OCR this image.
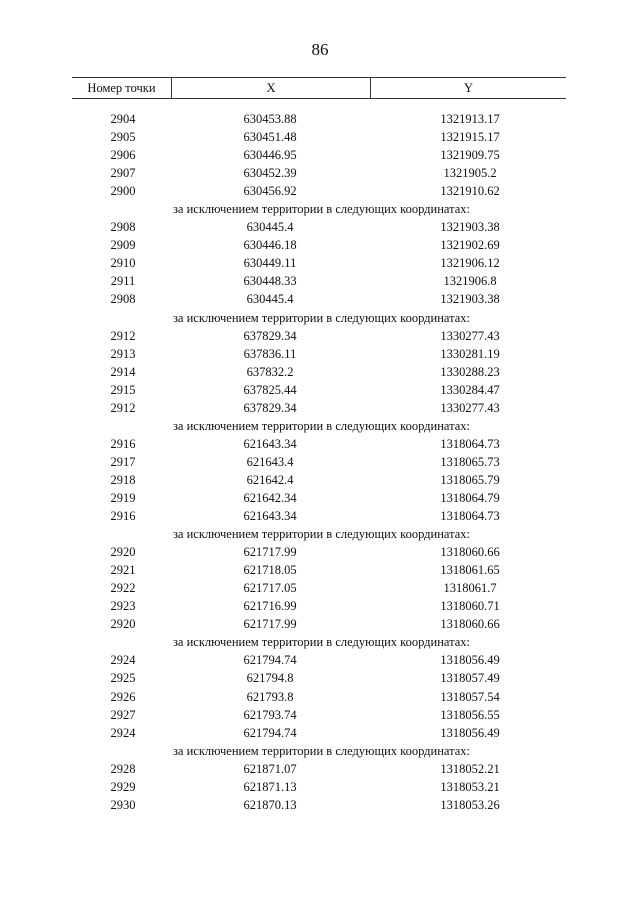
86
Номер точки	X	Y
2904	630453.88	1321913.17
2905	630451.48	1321915.17
2906	630446.95	1321909.75
2907	630452.39	1321905.2
2900	630456.92	1321910.62
за исключением территории в следующих координатах:
2908	630445.4	1321903.38
2909	630446.18	1321902.69
2910	630449.11	1321906.12
2911	630448.33	1321906.8
2908	630445.4	1321903.38
за исключением территории в следующих координатах:
2912	637829.34	1330277.43
2913	637836.11	1330281.19
2914	637832.2	1330288.23
2915	637825.44	1330284.47
2912	637829.34	1330277.43
за исключением территории в следующих координатах:
2916	621643.34	1318064.73
2917	621643.4	1318065.73
2918	621642.4	1318065.79
2919	621642.34	1318064.79
2916	621643.34	1318064.73
за исключением территории в следующих координатах:
2920	621717.99	1318060.66
2921	621718.05	1318061.65
2922	621717.05	1318061.7
2923	621716.99	1318060.71
2920	621717.99	1318060.66
за исключением территории в следующих координатах:
2924	621794.74	1318056.49
2925	621794.8	1318057.49
2926	621793.8	1318057.54
2927	621793.74	1318056.55
2924	621794.74	1318056.49
за исключением территории в следующих координатах:
2928	621871.07	1318052.21
2929	621871.13	1318053.21
2930	621870.13	1318053.26
